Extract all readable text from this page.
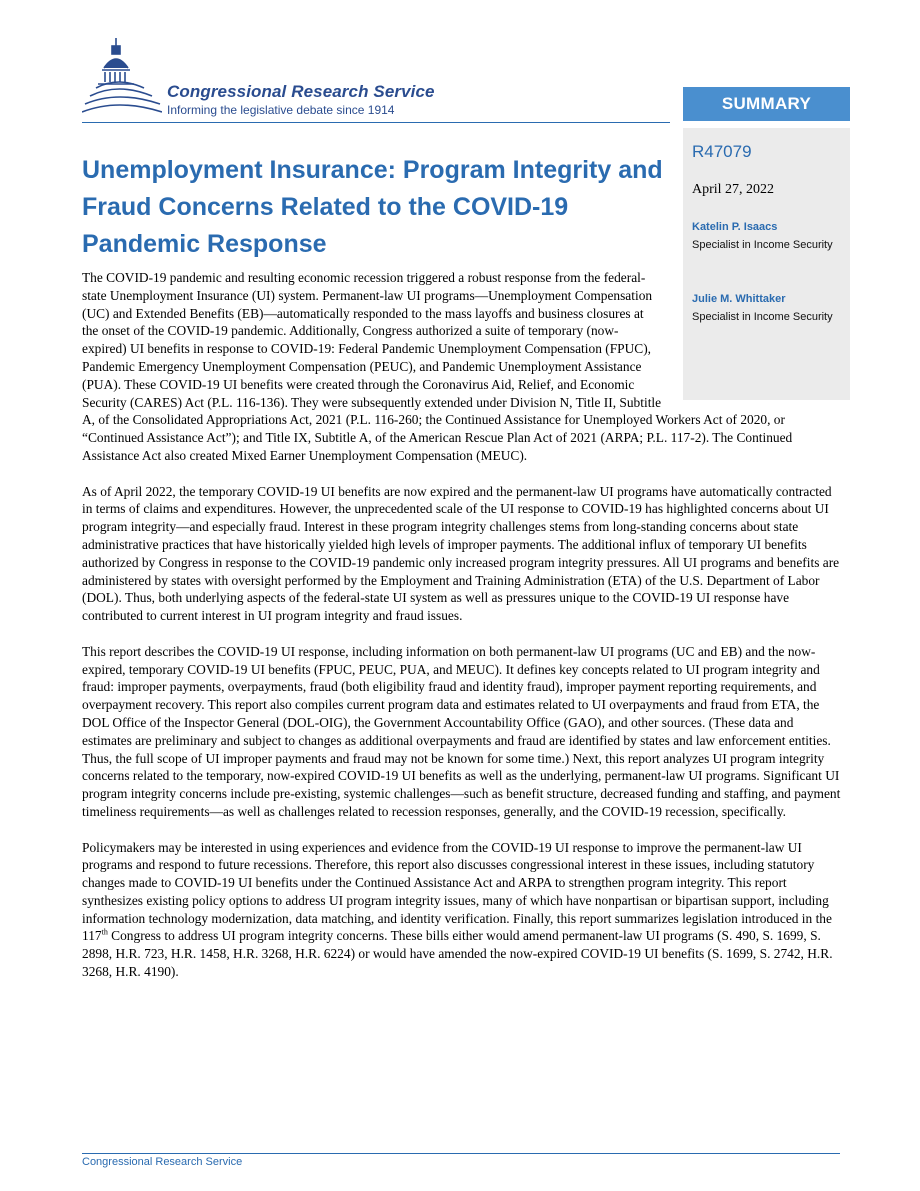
Congressional Research Service
Informing the legislative debate since 1914	SUMMARY
R47079
April 27, 2022
Katelin P. Isaacs
Specialist in Income Security
Julie M. Whittaker
Specialist in Income Security
Unemployment Insurance: Program Integrity and Fraud Concerns Related to the COVID-19 Pandemic Response

The COVID-19 pandemic and resulting economic recession triggered a robust response from the federal-state Unemployment Insurance (UI) system. Permanent-law UI programs—Unemployment Compensation (UC) and Extended Benefits (EB)—automatically responded to the mass layoffs and business closures at the onset of the COVID-19 pandemic. Additionally, Congress authorized a suite of temporary (now-expired) UI benefits in response to COVID-19: Federal Pandemic Unemployment Compensation (FPUC), Pandemic Emergency Unemployment Compensation (PEUC), and Pandemic Unemployment Assistance (PUA). These COVID-19 UI benefits were created through the Coronavirus Aid, Relief, and Economic Security (CARES) Act (P.L. 116-136). They were subsequently extended under Division N, Title II, Subtitle A, of the Consolidated Appropriations Act, 2021 (P.L. 116-260; the Continued Assistance for Unemployed Workers Act of 2020, or “Continued Assistance Act”); and Title IX, Subtitle A, of the American Rescue Plan Act of 2021 (ARPA; P.L. 117-2). The Continued Assistance Act also created Mixed Earner Unemployment Compensation (MEUC).

As of April 2022, the temporary COVID-19 UI benefits are now expired and the permanent-law UI programs have automatically contracted in terms of claims and expenditures. However, the unprecedented scale of the UI response to COVID-19 has highlighted concerns about UI program integrity—and especially fraud. Interest in these program integrity challenges stems from long-standing concerns about state administrative practices that have historically yielded high levels of improper payments. The additional influx of temporary UI benefits authorized by Congress in response to the COVID-19 pandemic only increased program integrity pressures. All UI programs and benefits are administered by states with oversight performed by the Employment and Training Administration (ETA) of the U.S. Department of Labor (DOL). Thus, both underlying aspects of the federal-state UI system as well as pressures unique to the COVID-19 UI response have contributed to current interest in UI program integrity and fraud issues.

This report describes the COVID-19 UI response, including information on both permanent-law UI programs (UC and EB) and the now-expired, temporary COVID-19 UI benefits (FPUC, PEUC, PUA, and MEUC). It defines key concepts related to UI program integrity and fraud: improper payments, overpayments, fraud (both eligibility fraud and identity fraud), improper payment reporting requirements, and overpayment recovery. This report also compiles current program data and estimates related to UI overpayments and fraud from ETA, the DOL Office of the Inspector General (DOL-OIG), the Government Accountability Office (GAO), and other sources. (These data and estimates are preliminary and subject to changes as additional overpayments and fraud are identified by states and law enforcement entities. Thus, the full scope of UI improper payments and fraud may not be known for some time.) Next, this report analyzes UI program integrity concerns related to the temporary, now-expired COVID-19 UI benefits as well as the underlying, permanent-law UI programs. Significant UI program integrity concerns include pre-existing, systemic challenges—such as benefit structure, decreased funding and staffing, and payment timeliness requirements—as well as challenges related to recession responses, generally, and the COVID-19 recession, specifically.

Policymakers may be interested in using experiences and evidence from the COVID-19 UI response to improve the permanent-law UI programs and respond to future recessions. Therefore, this report also discusses congressional interest in these issues, including statutory changes made to COVID-19 UI benefits under the Continued Assistance Act and ARPA to strengthen program integrity. This report synthesizes existing policy options to address UI program integrity issues, many of which have nonpartisan or bipartisan support, including information technology modernization, data matching, and identity verification. Finally, this report summarizes legislation introduced in the 117th Congress to address UI program integrity concerns. These bills either would amend permanent-law UI programs (S. 490, S. 1699, S. 2898, H.R. 723, H.R. 1458, H.R. 3268, H.R. 6224) or would have amended the now-expired COVID-19 UI benefits (S. 1699, S. 2742, H.R. 3268, H.R. 4190).

Congressional Research Service
